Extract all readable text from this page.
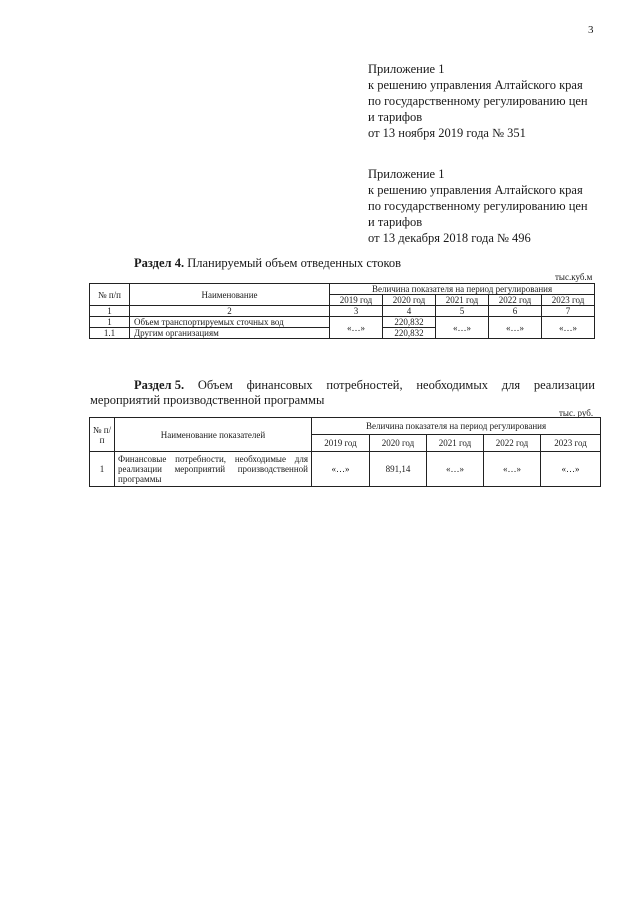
3
Приложение 1
к решению управления Алтайского края
по государственному регулированию цен
и тарифов
от 13 ноября 2019 года № 351
Приложение 1
к решению управления Алтайского края
по государственному регулированию цен
и тарифов
от 13 декабря 2018 года № 496
Раздел 4. Планируемый объем отведенных стоков
тыс.куб.м
№ п/п	Наименование	Величина показателя на период регулирования				
		2019 год	2020 год	2021 год	2022 год	2023 год
1	2	3	4	5	6	7
1	Объем транспортируемых сточных вод	«…»	220,832	«…»	«…»	«…»
1.1	Другим организациям		220,832			
Раздел 5. Объем финансовых потребностей, необходимых для реализации
мероприятий производственной программы
тыс. руб.
№ п/ п	Наименование показателей	Величина показателя на период регулирования				
		2019 год	2020 год	2021 год	2022 год	2023 год
1	Финансовые потребности, необходимые для реализации мероприятий производственной программы	«…»	891,14	«…»	«…»	«…»
